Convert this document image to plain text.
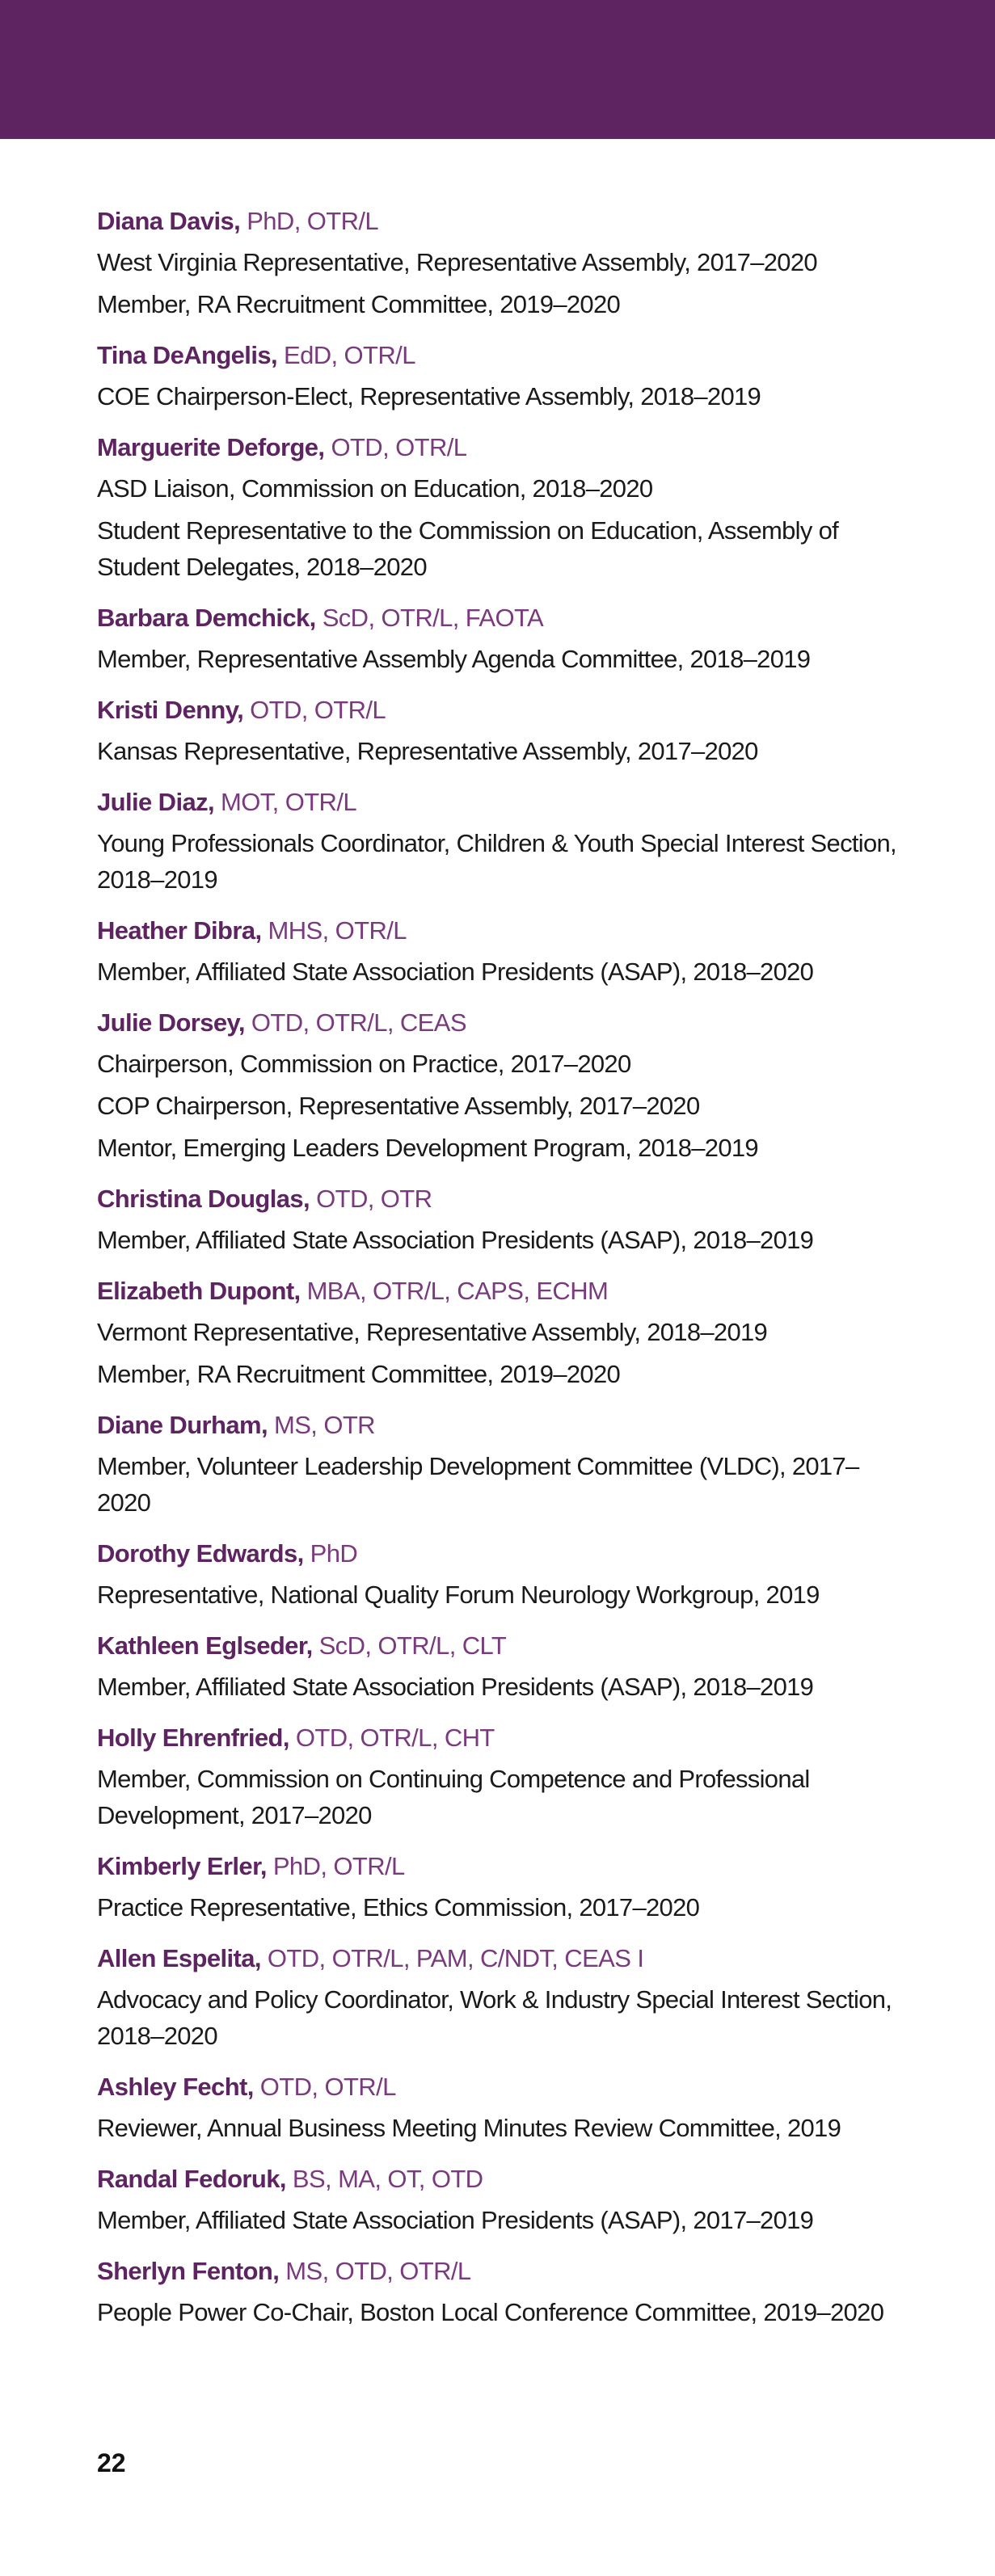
Diana Davis, PhD, OTR/L
West Virginia Representative, Representative Assembly, 2017–2020
Member, RA Recruitment Committee, 2019–2020
Tina DeAngelis, EdD, OTR/L
COE Chairperson-Elect, Representative Assembly, 2018–2019
Marguerite Deforge, OTD, OTR/L
ASD Liaison, Commission on Education, 2018–2020
Student Representative to the Commission on Education, Assembly of Student Delegates, 2018–2020
Barbara Demchick, ScD, OTR/L, FAOTA
Member, Representative Assembly Agenda Committee, 2018–2019
Kristi Denny, OTD, OTR/L
Kansas Representative, Representative Assembly, 2017–2020
Julie Diaz, MOT, OTR/L
Young Professionals Coordinator, Children & Youth Special Interest Section, 2018–2019
Heather Dibra, MHS, OTR/L
Member, Affiliated State Association Presidents (ASAP), 2018–2020
Julie Dorsey, OTD, OTR/L, CEAS
Chairperson, Commission on Practice, 2017–2020
COP Chairperson, Representative Assembly, 2017–2020
Mentor, Emerging Leaders Development Program, 2018–2019
Christina Douglas, OTD, OTR
Member, Affiliated State Association Presidents (ASAP), 2018–2019
Elizabeth Dupont, MBA, OTR/L, CAPS, ECHM
Vermont Representative, Representative Assembly, 2018–2019
Member, RA Recruitment Committee, 2019–2020
Diane Durham, MS, OTR
Member, Volunteer Leadership Development Committee (VLDC), 2017–2020
Dorothy Edwards, PhD
Representative, National Quality Forum Neurology Workgroup, 2019
Kathleen Eglseder, ScD, OTR/L, CLT
Member, Affiliated State Association Presidents (ASAP), 2018–2019
Holly Ehrenfried, OTD, OTR/L, CHT
Member, Commission on Continuing Competence and Professional Development, 2017–2020
Kimberly Erler, PhD, OTR/L
Practice Representative, Ethics Commission, 2017–2020
Allen Espelita, OTD, OTR/L, PAM, C/NDT, CEAS I
Advocacy and Policy Coordinator, Work & Industry Special Interest Section, 2018–2020
Ashley Fecht, OTD, OTR/L
Reviewer, Annual Business Meeting Minutes Review Committee, 2019
Randal Fedoruk, BS, MA, OT, OTD
Member, Affiliated State Association Presidents (ASAP), 2017–2019
Sherlyn Fenton, MS, OTD, OTR/L
People Power Co-Chair, Boston Local Conference Committee, 2019–2020
22
